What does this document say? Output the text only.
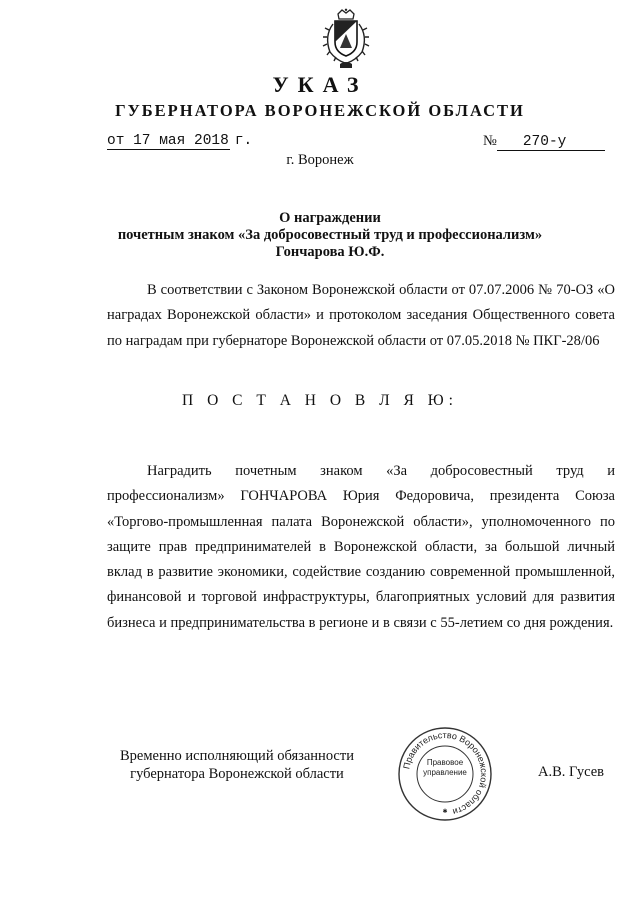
УКАЗ
ГУБЕРНАТОРА ВОРОНЕЖСКОЙ ОБЛАСТИ
от 17 мая 2018 г.	№ 270-у
г. Воронеж
О награждении
почетным знаком «За добросовестный труд и профессионализм»
Гончарова Ю.Ф.
В соответствии с Законом Воронежской области от 07.07.2006 № 70-ОЗ «О наградах Воронежской области» и протоколом заседания Общественного совета по наградам при губернаторе Воронежской области от 07.05.2018 № ПКГ-28/06
П О С Т А Н О В Л Я Ю:
Наградить почетным знаком «За добросовестный труд и профессионализм» ГОНЧАРОВА Юрия Федоровича, президента Союза «Торгово-промышленная палата Воронежской области», уполномоченного по защите прав предпринимателей в Воронежской области, за большой личный вклад в развитие экономики, содействие созданию современной промышленной, финансовой и торговой инфраструктуры, благоприятных условий для развития бизнеса и предпринимательства в регионе и в связи с 55-летием со дня рождения.
Временно исполняющий обязанности
губернатора Воронежской области
Правительство Воронежской области
✱
Правовое
управление	А.В. Гусев
